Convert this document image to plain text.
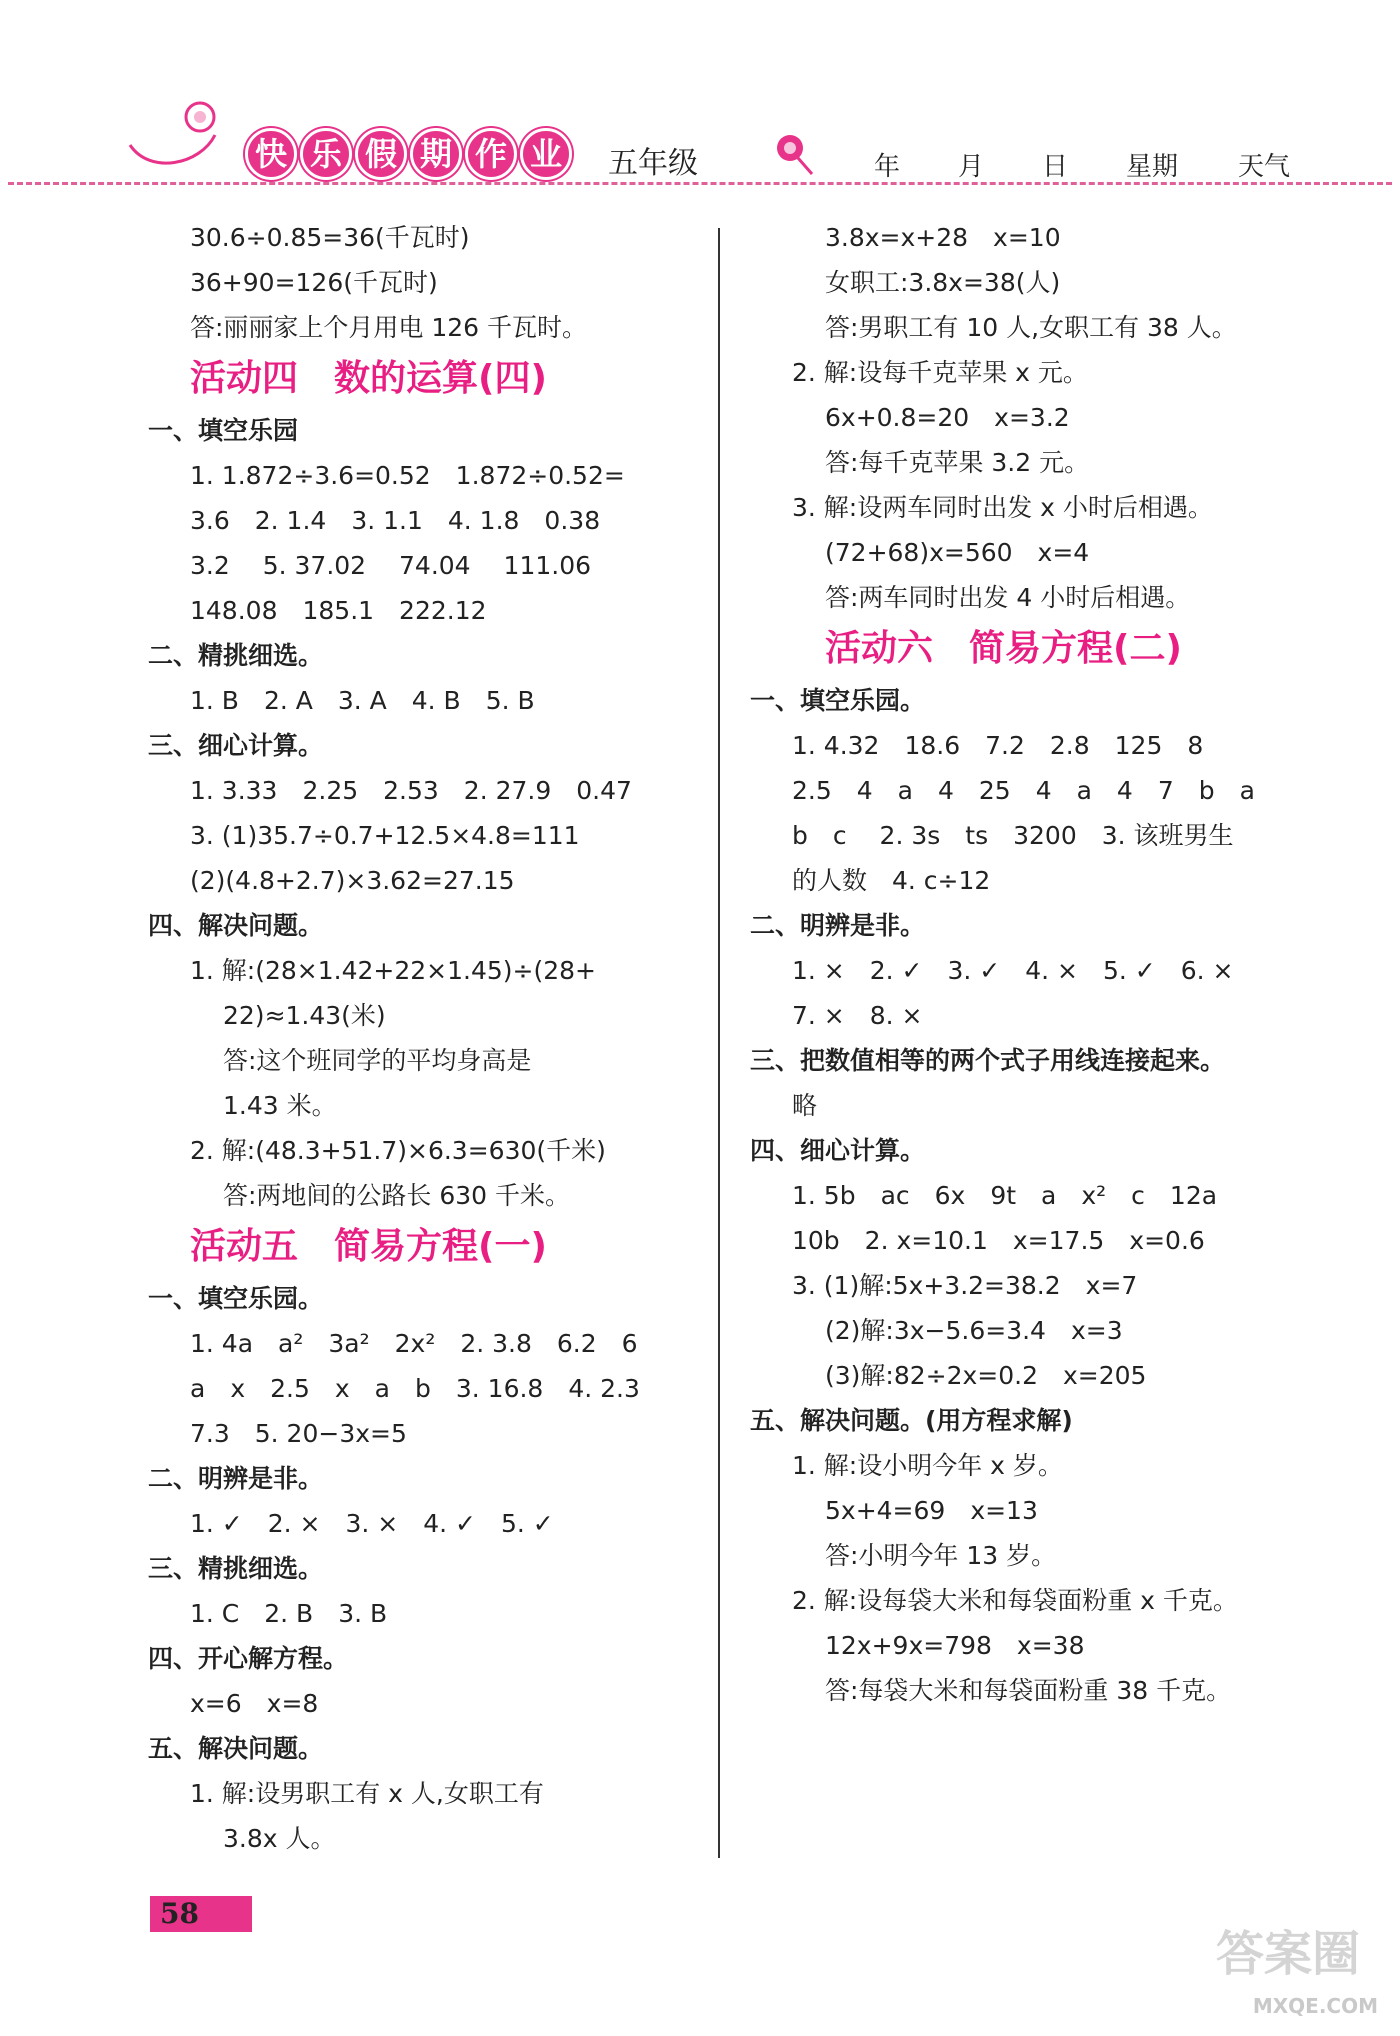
快 乐 假 期 作 业	五年级	年 月 日 星期 天气
30.6÷0.85=36(千瓦时)
36+90=126(千瓦时)
答:丽丽家上个月用电 126 千瓦时。
活动四　数的运算(四)
一、填空乐园
1. 1.872÷3.6=0.52　1.872÷0.52=
3.6　2. 1.4　3. 1.1　4. 1.8　0.38
3.2　 5. 37.02　 74.04　 111.06
148.08　185.1　222.12
二、精挑细选。
1. B　2. A　3. A　4. B　5. B
三、细心计算。
1. 3.33　2.25　2.53　2. 27.9　0.47
3. (1)35.7÷0.7+12.5×4.8=111
(2)(4.8+2.7)×3.62=27.15
四、解决问题。
1. 解:(28×1.42+22×1.45)÷(28+
22)≈1.43(米)
答:这个班同学的平均身高是
1.43 米。
2. 解:(48.3+51.7)×6.3=630(千米)
答:两地间的公路长 630 千米。
活动五　简易方程(一)
一、填空乐园。
1. 4a　a²　3a²　2x²　2. 3.8　6.2　6
a　x　2.5　x　a　b　3. 16.8　4. 2.3
7.3　5. 20−3x=5
二、明辨是非。
1. ✓　2. ×　3. ×　4. ✓　5. ✓
三、精挑细选。
1. C　2. B　3. B
四、开心解方程。
x=6　x=8
五、解决问题。
1. 解:设男职工有 x 人,女职工有
3.8x 人。
3.8x=x+28　x=10
女职工:3.8x=38(人)
答:男职工有 10 人,女职工有 38 人。
2. 解:设每千克苹果 x 元。
6x+0.8=20　x=3.2
答:每千克苹果 3.2 元。
3. 解:设两车同时出发 x 小时后相遇。
(72+68)x=560　x=4
答:两车同时出发 4 小时后相遇。
活动六　简易方程(二)
一、填空乐园。
1. 4.32　18.6　7.2　2.8　125　8
2.5　4　a　4　25　4　a　4　7　b　a
b　c　 2. 3s　ts　3200　3. 该班男生
的人数　4. c÷12
二、明辨是非。
1. ×　2. ✓　3. ✓　4. ×　5. ✓　6. ×
7. ×　8. ×
三、把数值相等的两个式子用线连接起来。
略
四、细心计算。
1. 5b　ac　6x　9t　a　x²　c　12a
10b　2. x=10.1　x=17.5　x=0.6
3. (1)解:5x+3.2=38.2　x=7
(2)解:3x−5.6=3.4　x=3
(3)解:82÷2x=0.2　x=205
五、解决问题。(用方程求解)
1. 解:设小明今年 x 岁。
5x+4=69　x=13
答:小明今年 13 岁。
2. 解:设每袋大米和每袋面粉重 x 千克。
12x+9x=798　x=38
答:每袋大米和每袋面粉重 38 千克。
58
答案圈
MXQE.COM
